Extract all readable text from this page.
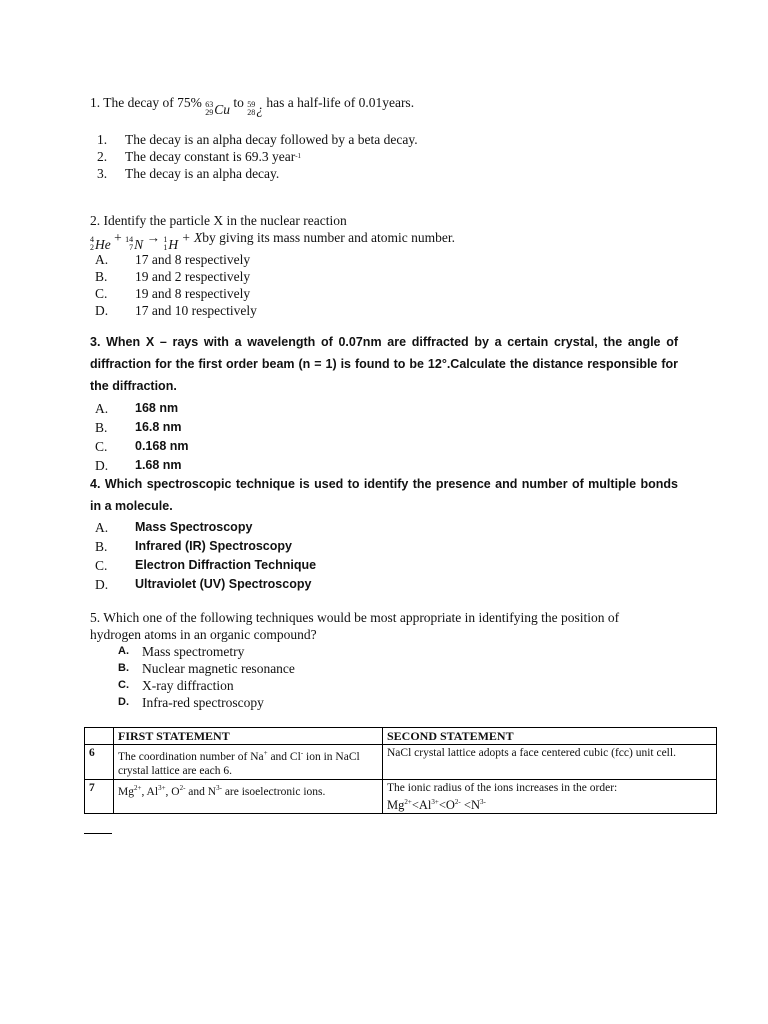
1. The decay of 75% 63
29 Cu to 59
28 ¿ has a half-life of 0.01years.
1.	The decay is an alpha decay followed by a beta decay.
2.	The decay constant is 69.3 year -1
3.	The decay is an alpha decay.
2. Identify the particle X in the nuclear reaction
4
2 He + 14
7 N → 1
1 H + Xby giving its mass number and atomic number.
A.	17 and 8 respectively
B.	19 and 2 respectively
C.	19 and 8 respectively
D.	17 and 10 respectively

3. When X – rays with a wavelength of 0.07nm are diffracted by a certain crystal, the angle of diffraction for the first order beam (n = 1) is found to be 12°.Calculate the distance responsible for the diffraction.

A.	168 nm
B.	16.8 nm
C.	0.168 nm
D.	1.68 nm

4. Which spectroscopic technique is used to identify the presence and number of multiple bonds in a molecule.

A.	Mass Spectroscopy
B.	Infrared (IR) Spectroscopy
C.	Electron Diffraction Technique
D.	Ultraviolet (UV) Spectroscopy
5. Which one of the following techniques would be most appropriate in identifying the position of hydrogen atoms in an organic compound?
A. Mass spectrometry
B. Nuclear magnetic resonance
C. X-ray diffraction
D. Infra-red spectroscopy
	FIRST STATEMENT	SECOND STATEMENT
6	The coordination number of Na+ and Cl- ion in NaCl crystal lattice are each 6.	NaCl crystal lattice adopts a face centered cubic (fcc) unit cell.
7	$Mg^{2+}$, $Al^{3+}$, $O^{2-}$ and $N^{3-}$ are isoelectronic ions.	The ionic radius of the ions increases in the order:
$Mg^{2+}<Al^{3+}<O^{2-} <N^{3-}$
